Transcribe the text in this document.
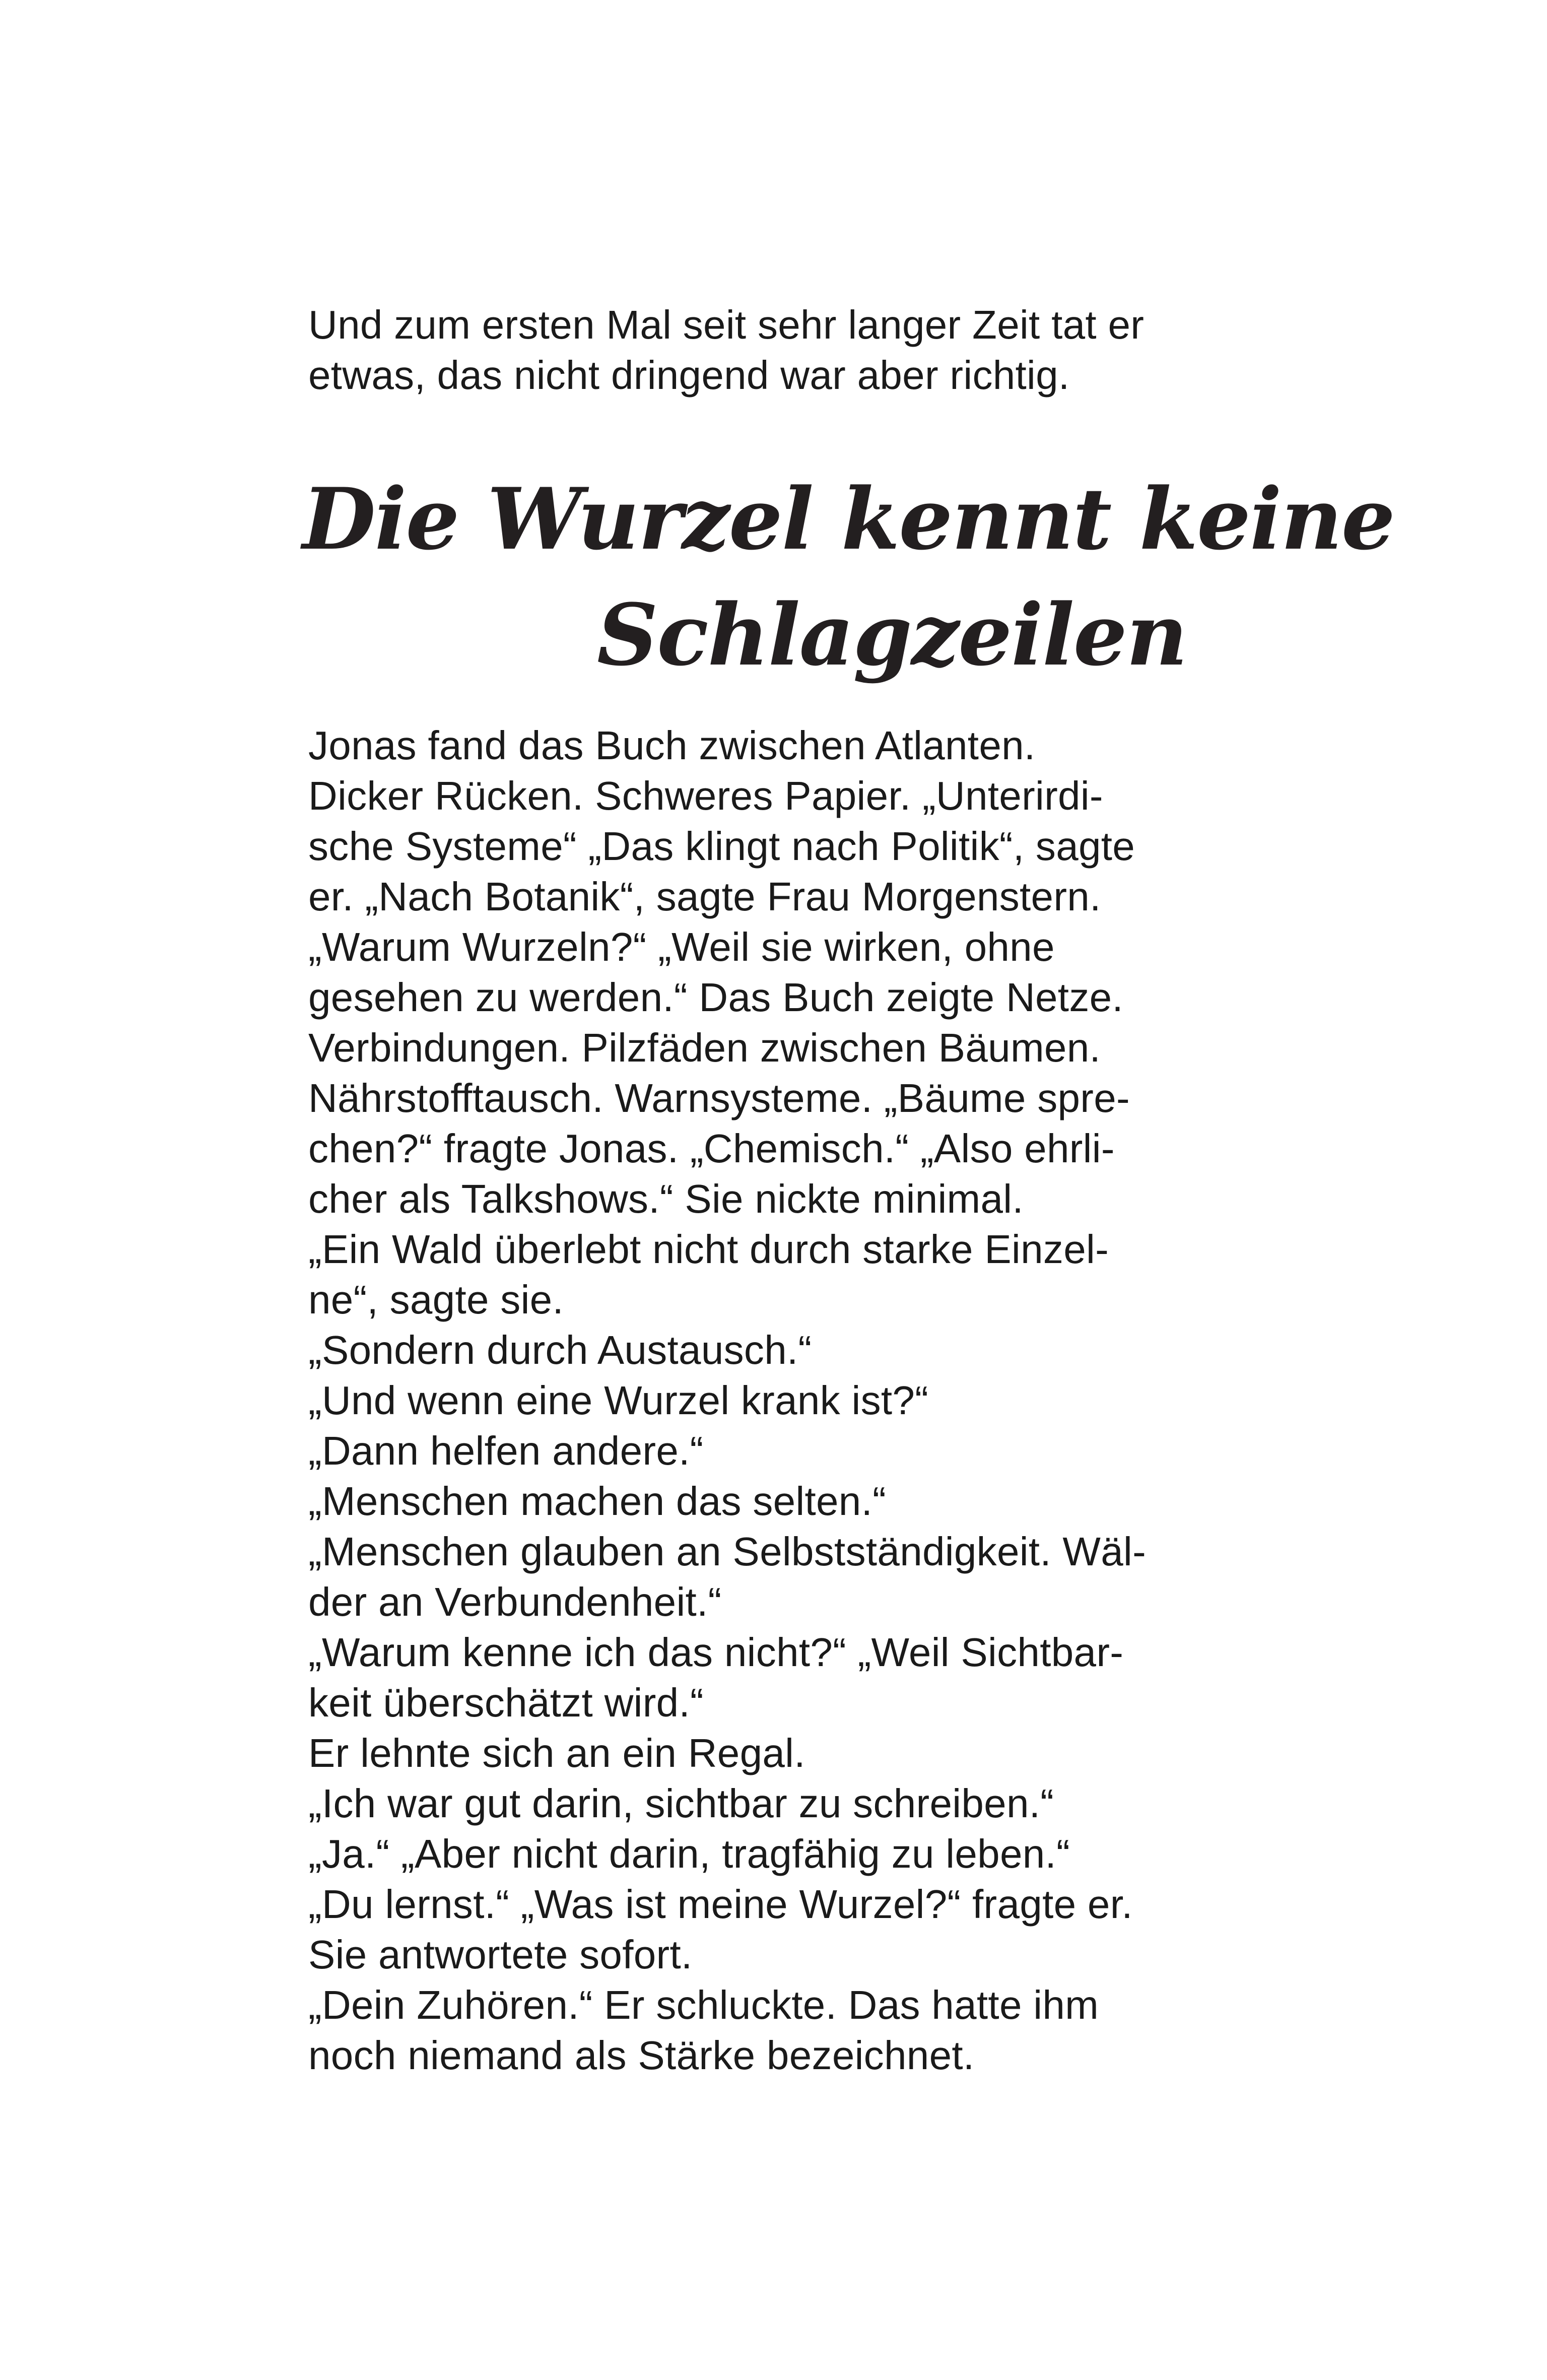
Und zum ersten Mal seit sehr langer Zeit tat er
etwas, das nicht dringend war aber richtig.
Die Wurzel kennt keine
Schlagzeilen
Jonas fand das Buch zwischen Atlanten.
Dicker Rücken. Schweres Papier. „Unterirdi-
sche Systeme“ „Das klingt nach Politik“, sagte
er. „Nach Botanik“, sagte Frau Morgenstern.
„Warum Wurzeln?“ „Weil sie wirken, ohne
gesehen zu werden.“ Das Buch zeigte Netze.
Verbindungen. Pilzfäden zwischen Bäumen.
Nährstofftausch. Warnsysteme. „Bäume spre-
chen?“ fragte Jonas. „Chemisch.“ „Also ehrli-
cher als Talkshows.“ Sie nickte minimal.
„Ein Wald überlebt nicht durch starke Einzel-
ne“, sagte sie.
„Sondern durch Austausch.“
„Und wenn eine Wurzel krank ist?“
„Dann helfen andere.“
„Menschen machen das selten.“
„Menschen glauben an Selbstständigkeit. Wäl-
der an Verbundenheit.“
„Warum kenne ich das nicht?“ „Weil Sichtbar-
keit überschätzt wird.“
Er lehnte sich an ein Regal.
„Ich war gut darin, sichtbar zu schreiben.“
„Ja.“ „Aber nicht darin, tragfähig zu leben.“
„Du lernst.“ „Was ist meine Wurzel?“ fragte er.
Sie antwortete sofort.
„Dein Zuhören.“ Er schluckte. Das hatte ihm
noch niemand als Stärke bezeichnet.
